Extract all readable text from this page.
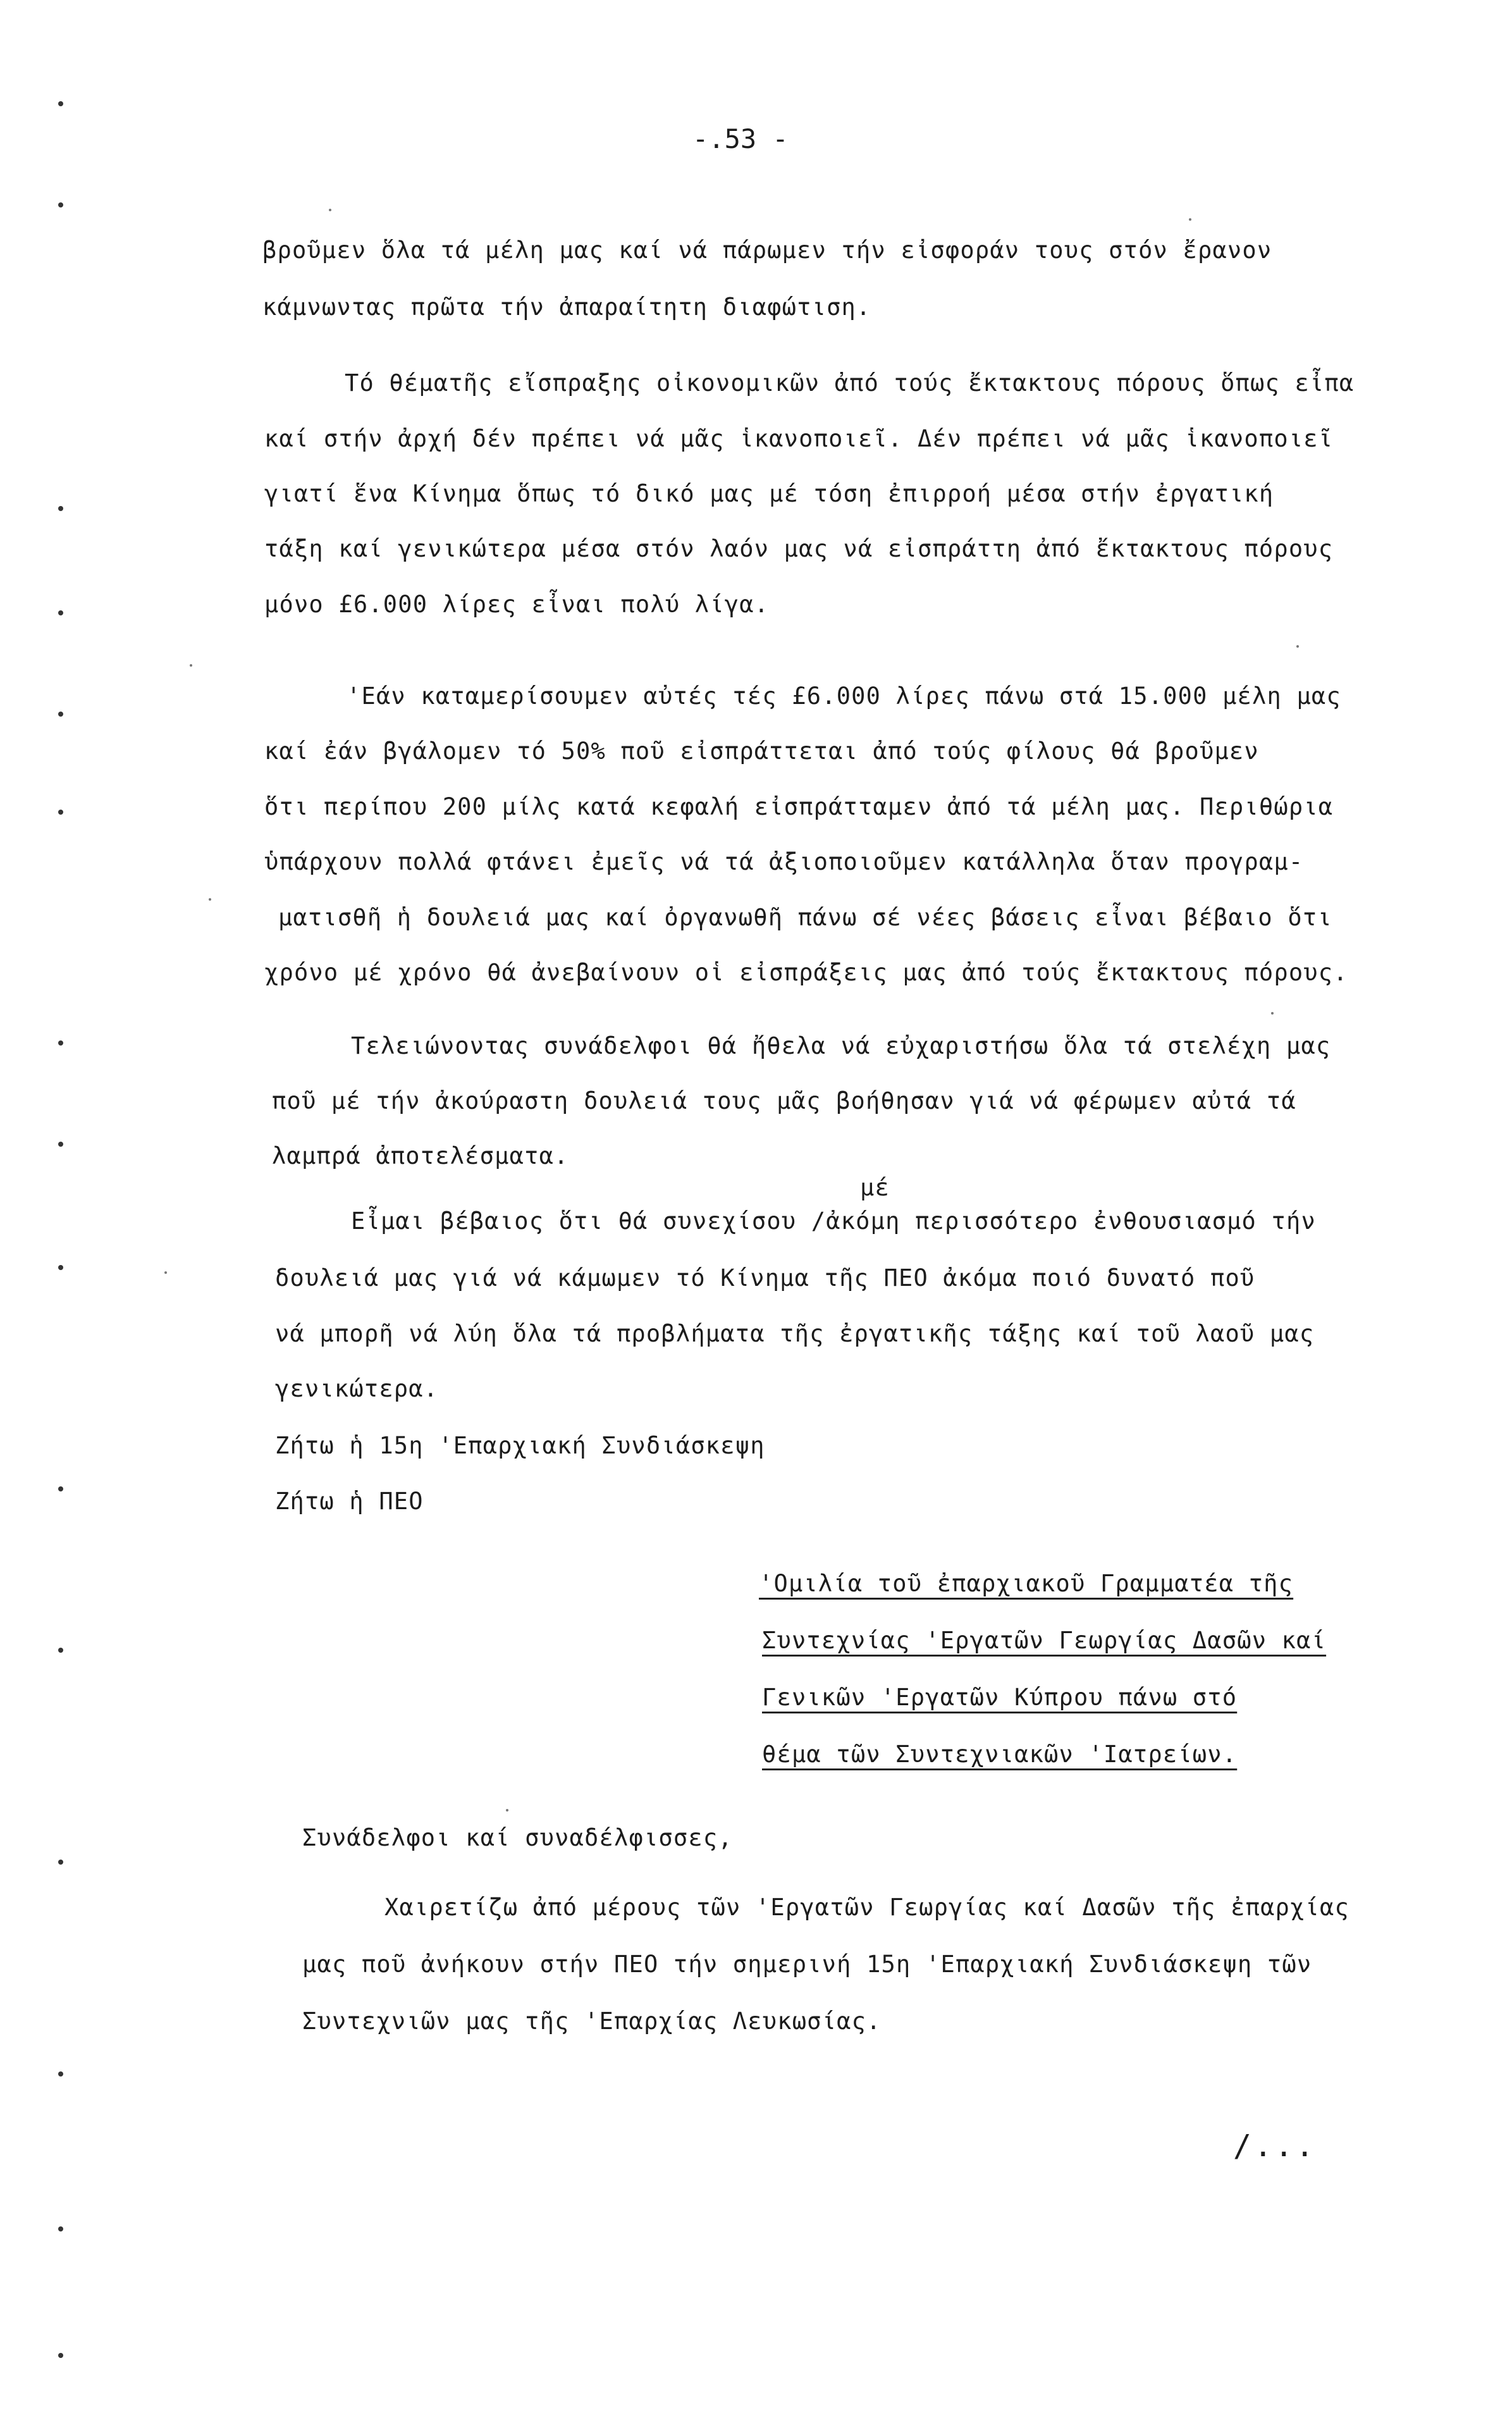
-.53 -
βροῦμεν ὅλα τά μέλη μας καί νά πάρωμεν τήν εἰσφοράν τους στόν ἔρανον
κάμνωντας πρῶτα τήν ἀπαραίτητη διαφώτιση.
Τό θέματῆς εἴσπραξης οἰκονομικῶν ἀπό τούς ἔκτακτους πόρους ὅπως εἶπα
καί στήν ἀρχή δέν πρέπει νά μᾶς ἱκανοποιεῖ. Δέν πρέπει νά μᾶς ἱκανοποιεῖ
γιατί ἕνα Κίνημα ὅπως τό δικό μας μέ τόση ἐπιρροή μέσα στήν ἐργατική
τάξη καί γενικώτερα μέσα στόν λαόν μας νά εἰσπράττη ἀπό ἔκτακτους πόρους
μόνο £6.000 λίρες εἶναι πολύ λίγα.
'Εάν καταμερίσουμεν αὐτές τές £6.000 λίρες πάνω στά 15.000 μέλη μας
καί ἐάν βγάλομεν τό 50% ποῦ εἰσπράττεται ἀπό τούς φίλους θά βροῦμεν
ὅτι περίπου 200 μίλς κατά κεφαλή εἰσπράτταμεν ἀπό τά μέλη μας. Περιθώρια
ὑπάρχουν πολλά φτάνει ἐμεῖς νά τά ἀξιοποιοῦμεν κατάλληλα ὅταν προγραμ-
ματισθῆ ἡ δουλειά μας καί ὀργανωθῆ πάνω σέ νέες βάσεις εἶναι βέβαιο ὅτι
χρόνο μέ χρόνο θά ἀνεβαίνουν οἱ εἰσπράξεις μας ἀπό τούς ἔκτακτους πόρους.
Τελειώνοντας συνάδελφοι θά ἤθελα νά εὐχαριστήσω ὅλα τά στελέχη μας
ποῦ μέ τήν ἀκούραστη δουλειά τους μᾶς βοήθησαν γιά νά φέρωμεν αὐτά τά
λαμπρά ἀποτελέσματα.
μέ
Εἶμαι βέβαιος ὅτι θά συνεχίσου /ἀκόμη περισσότερο ἐνθουσιασμό τήν
δουλειά μας γιά νά κάμωμεν τό Κίνημα τῆς ΠΕΟ ἀκόμα ποιό δυνατό ποῦ
νά μπορῆ νά λύη ὅλα τά προβλήματα τῆς ἐργατικῆς τάξης καί τοῦ λαοῦ μας
γενικώτερα.
Ζήτω ἡ 15η 'Επαρχιακή Συνδιάσκεψη
Ζήτω ἡ ΠΕΟ
'Ομιλία τοῦ ἐπαρχιακοῦ Γραμματέα τῆς
Συντεχνίας 'Εργατῶν Γεωργίας Δασῶν καί
Γενικῶν 'Εργατῶν Κύπρου πάνω στό
θέμα τῶν Συντεχνιακῶν 'Ιατρείων.
Συνάδελφοι καί συναδέλφισσες,
Χαιρετίζω ἀπό μέρους τῶν 'Εργατῶν Γεωργίας καί Δασῶν τῆς ἐπαρχίας
μας ποῦ ἀνήκουν στήν ΠΕΟ τήν σημερινή 15η 'Επαρχιακή Συνδιάσκεψη τῶν
Συντεχνιῶν μας τῆς 'Επαρχίας Λευκωσίας.
/...
